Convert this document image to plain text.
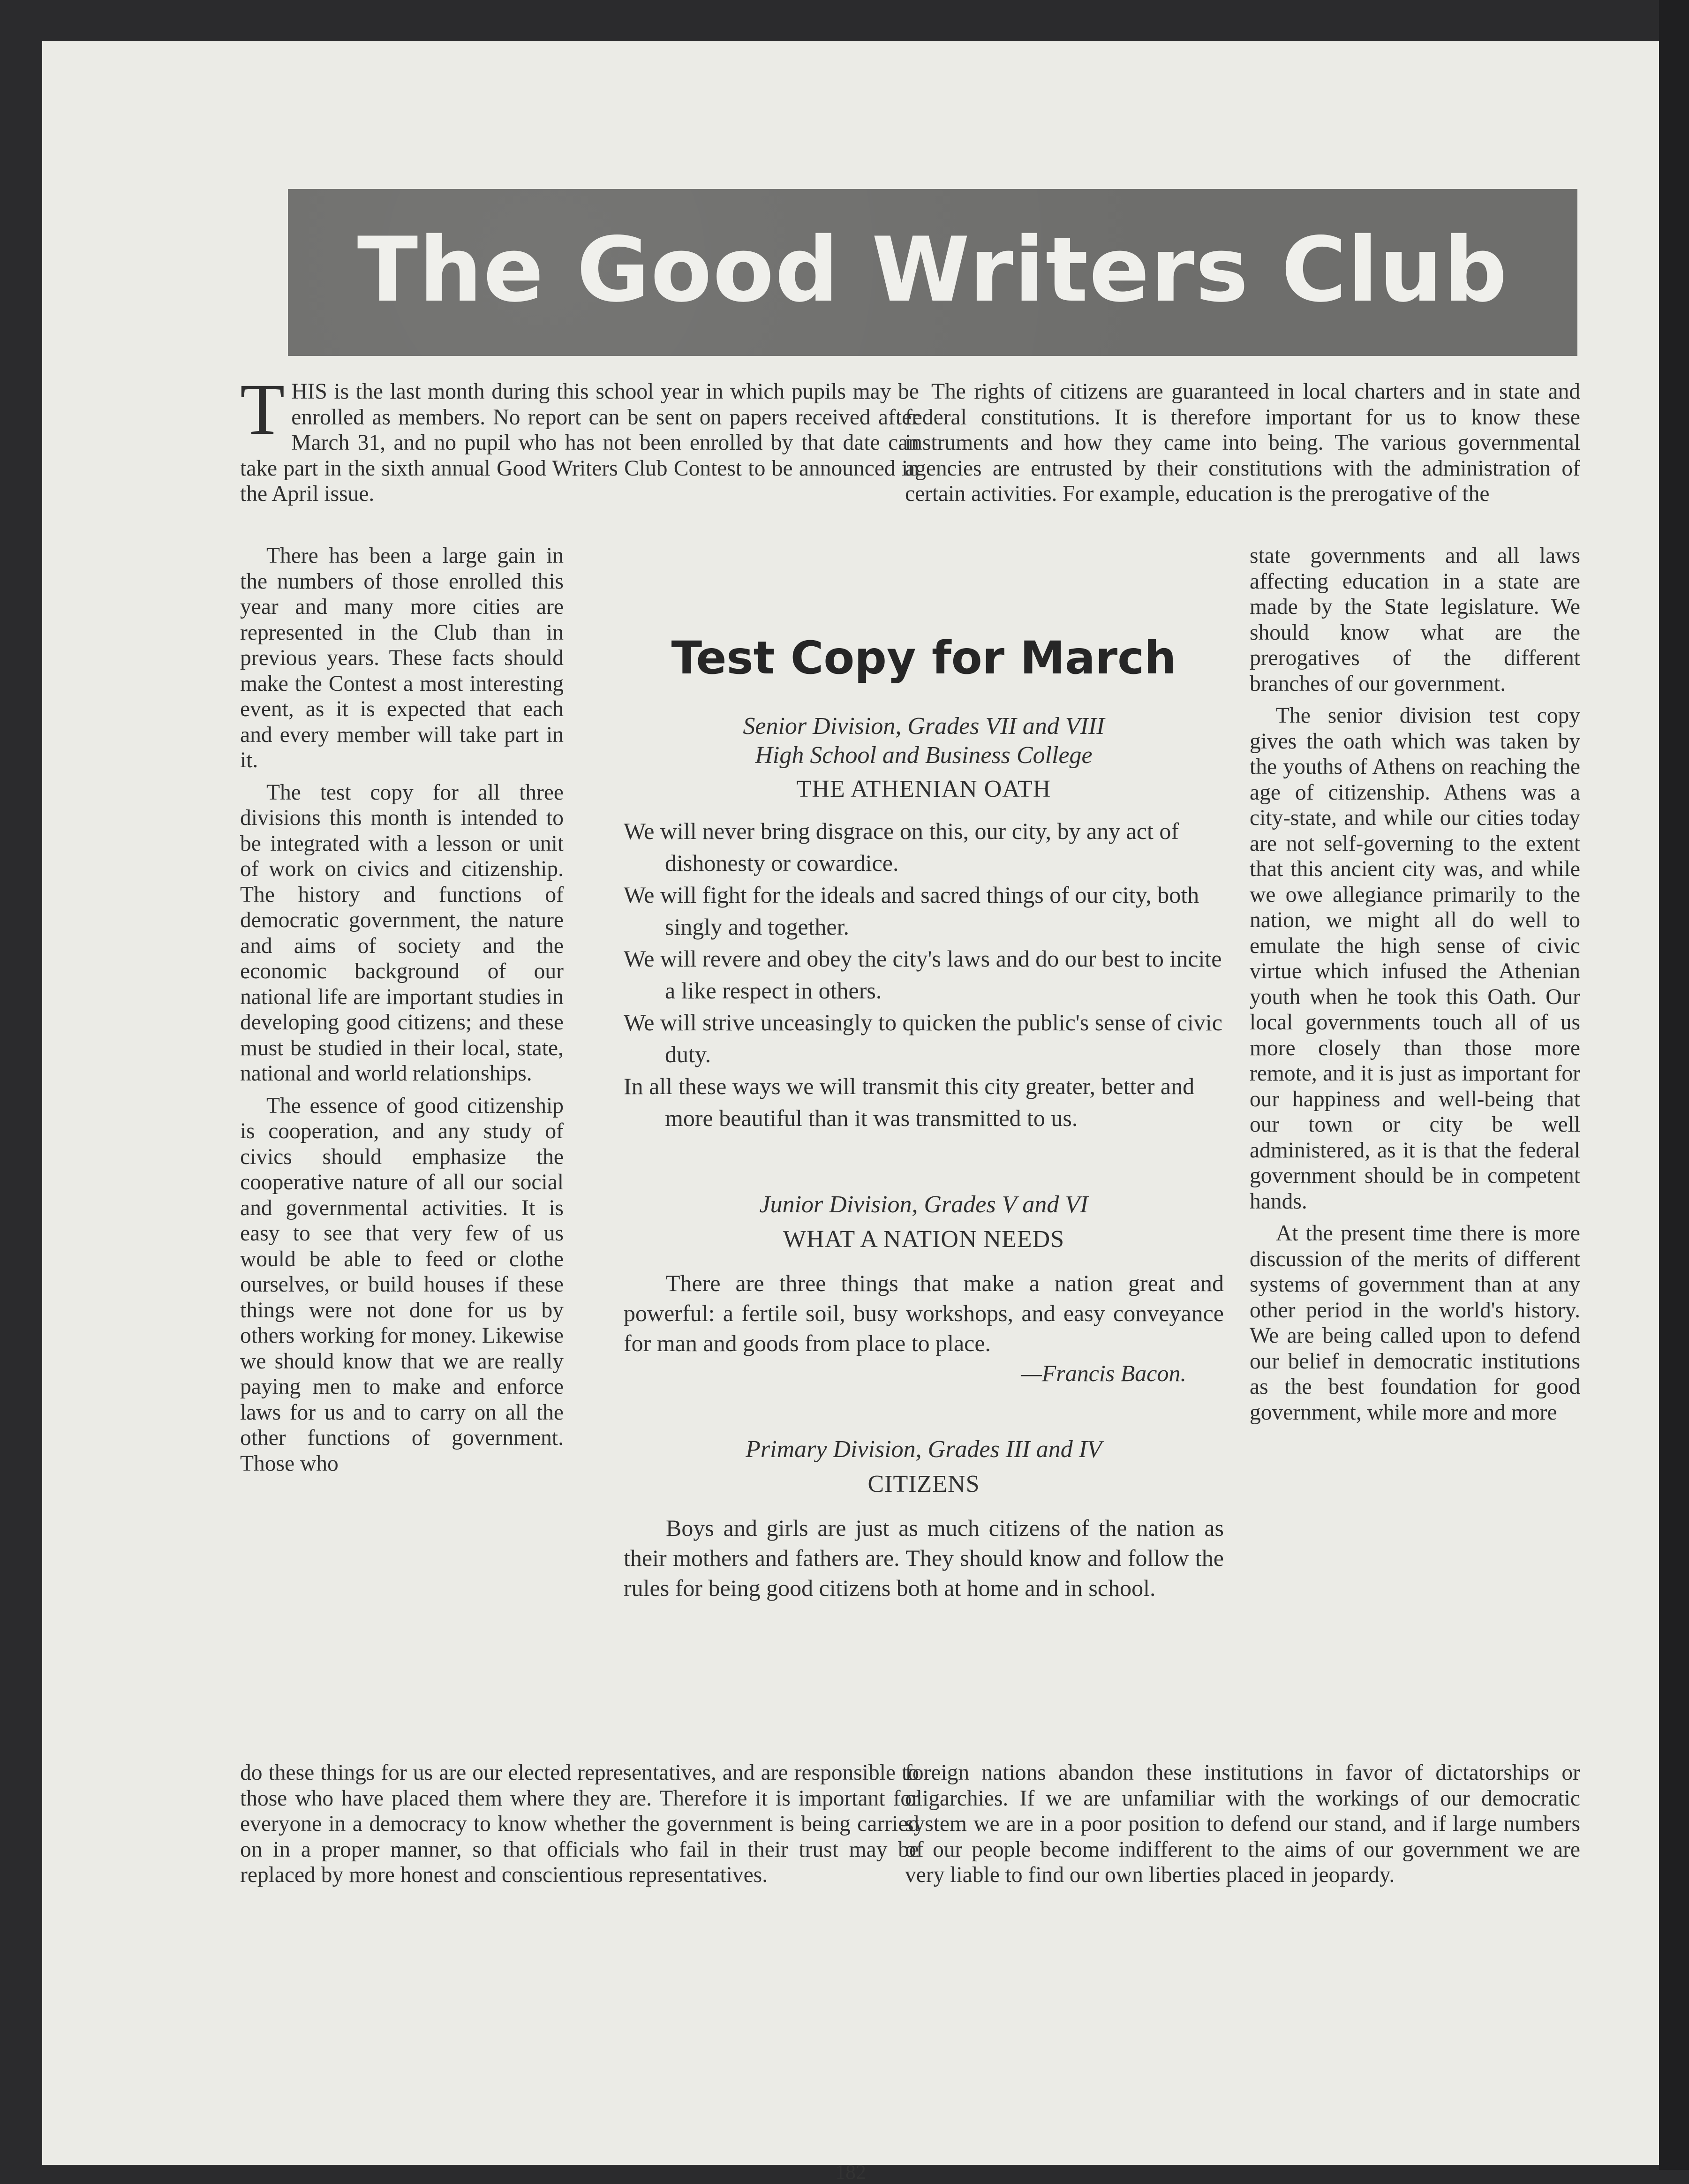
The Good Writers Club
T HIS is the last month during this school year in which pupils may be enrolled as members. No report can be sent on papers received after March 31, and no pupil who has not been enrolled by that date can take part in the sixth annual Good Writers Club Contest to be announced in the April issue.

There has been a large gain in the numbers of those enrolled this year and many more cities are represented in the Club than in previous years. These facts should make the Contest a most interesting event, as it is expected that each and every member will take part in it.

The test copy for all three divisions this month is intended to be integrated with a lesson or unit of work on civics and citizenship. The history and functions of democratic government, the nature and aims of society and the economic background of our national life are important studies in developing good citizens; and these must be studied in their local, state, national and world relationships.

The essence of good citizenship is cooperation, and any study of civics should emphasize the cooperative nature of all our social and governmental activities. It is easy to see that very few of us would be able to feed or clothe ourselves, or build houses if these things were not done for us by others working for money. Likewise we should know that we are really paying men to make and enforce laws for us and to carry on all the other functions of government. Those who

do these things for us are our elected representatives, and are responsible to those who have placed them where they are. Therefore it is important for everyone in a democracy to know whether the government is being carried on in a proper manner, so that officials who fail in their trust may be replaced by more honest and conscientious representatives.

The rights of citizens are guaranteed in local charters and in state and federal constitutions. It is therefore important for us to know these instruments and how they came into being. The various governmental agencies are entrusted by their constitutions with the administration of certain activities. For example, education is the prerogative of the

state governments and all laws affecting education in a state are made by the State legislature. We should know what are the prerogatives of the different branches of our government.

The senior division test copy gives the oath which was taken by the youths of Athens on reaching the age of citizenship. Athens was a city-state, and while our cities today are not self-governing to the extent that this ancient city was, and while we owe allegiance primarily to the nation, we might all do well to emulate the high sense of civic virtue which infused the Athenian youth when he took this Oath. Our local governments touch all of us more closely than those more remote, and it is just as important for our happiness and well-being that our town or city be well administered, as it is that the federal government should be in competent hands.

At the present time there is more discussion of the merits of different systems of government than at any other period in the world's history. We are being called upon to defend our belief in democratic institutions as the best foundation for good government, while more and more

foreign nations abandon these institutions in favor of dictatorships or oligarchies. If we are unfamiliar with the workings of our democratic system we are in a poor position to defend our stand, and if large numbers of our people become indifferent to the aims of our government we are very liable to find our own liberties placed in jeopardy.

Test Copy for March

Senior Division, Grades VII and VIII

High School and Business College

THE ATHENIAN OATH

We will never bring disgrace on this, our city, by any act of dishonesty or cowardice.

We will fight for the ideals and sacred things of our city, both singly and together.

We will revere and obey the city's laws and do our best to incite a like respect in others.

We will strive unceasingly to quicken the public's sense of civic duty.

In all these ways we will transmit this city greater, better and more beautiful than it was transmitted to us.

Junior Division, Grades V and VI

WHAT A NATION NEEDS

There are three things that make a nation great and powerful: a fertile soil, busy workshops, and easy conveyance for man and goods from place to place.

—Francis Bacon.

Primary Division, Grades III and IV

CITIZENS

Boys and girls are just as much citizens of the nation as their mothers and fathers are. They should know and follow the rules for being good citizens both at home and in school.

182
